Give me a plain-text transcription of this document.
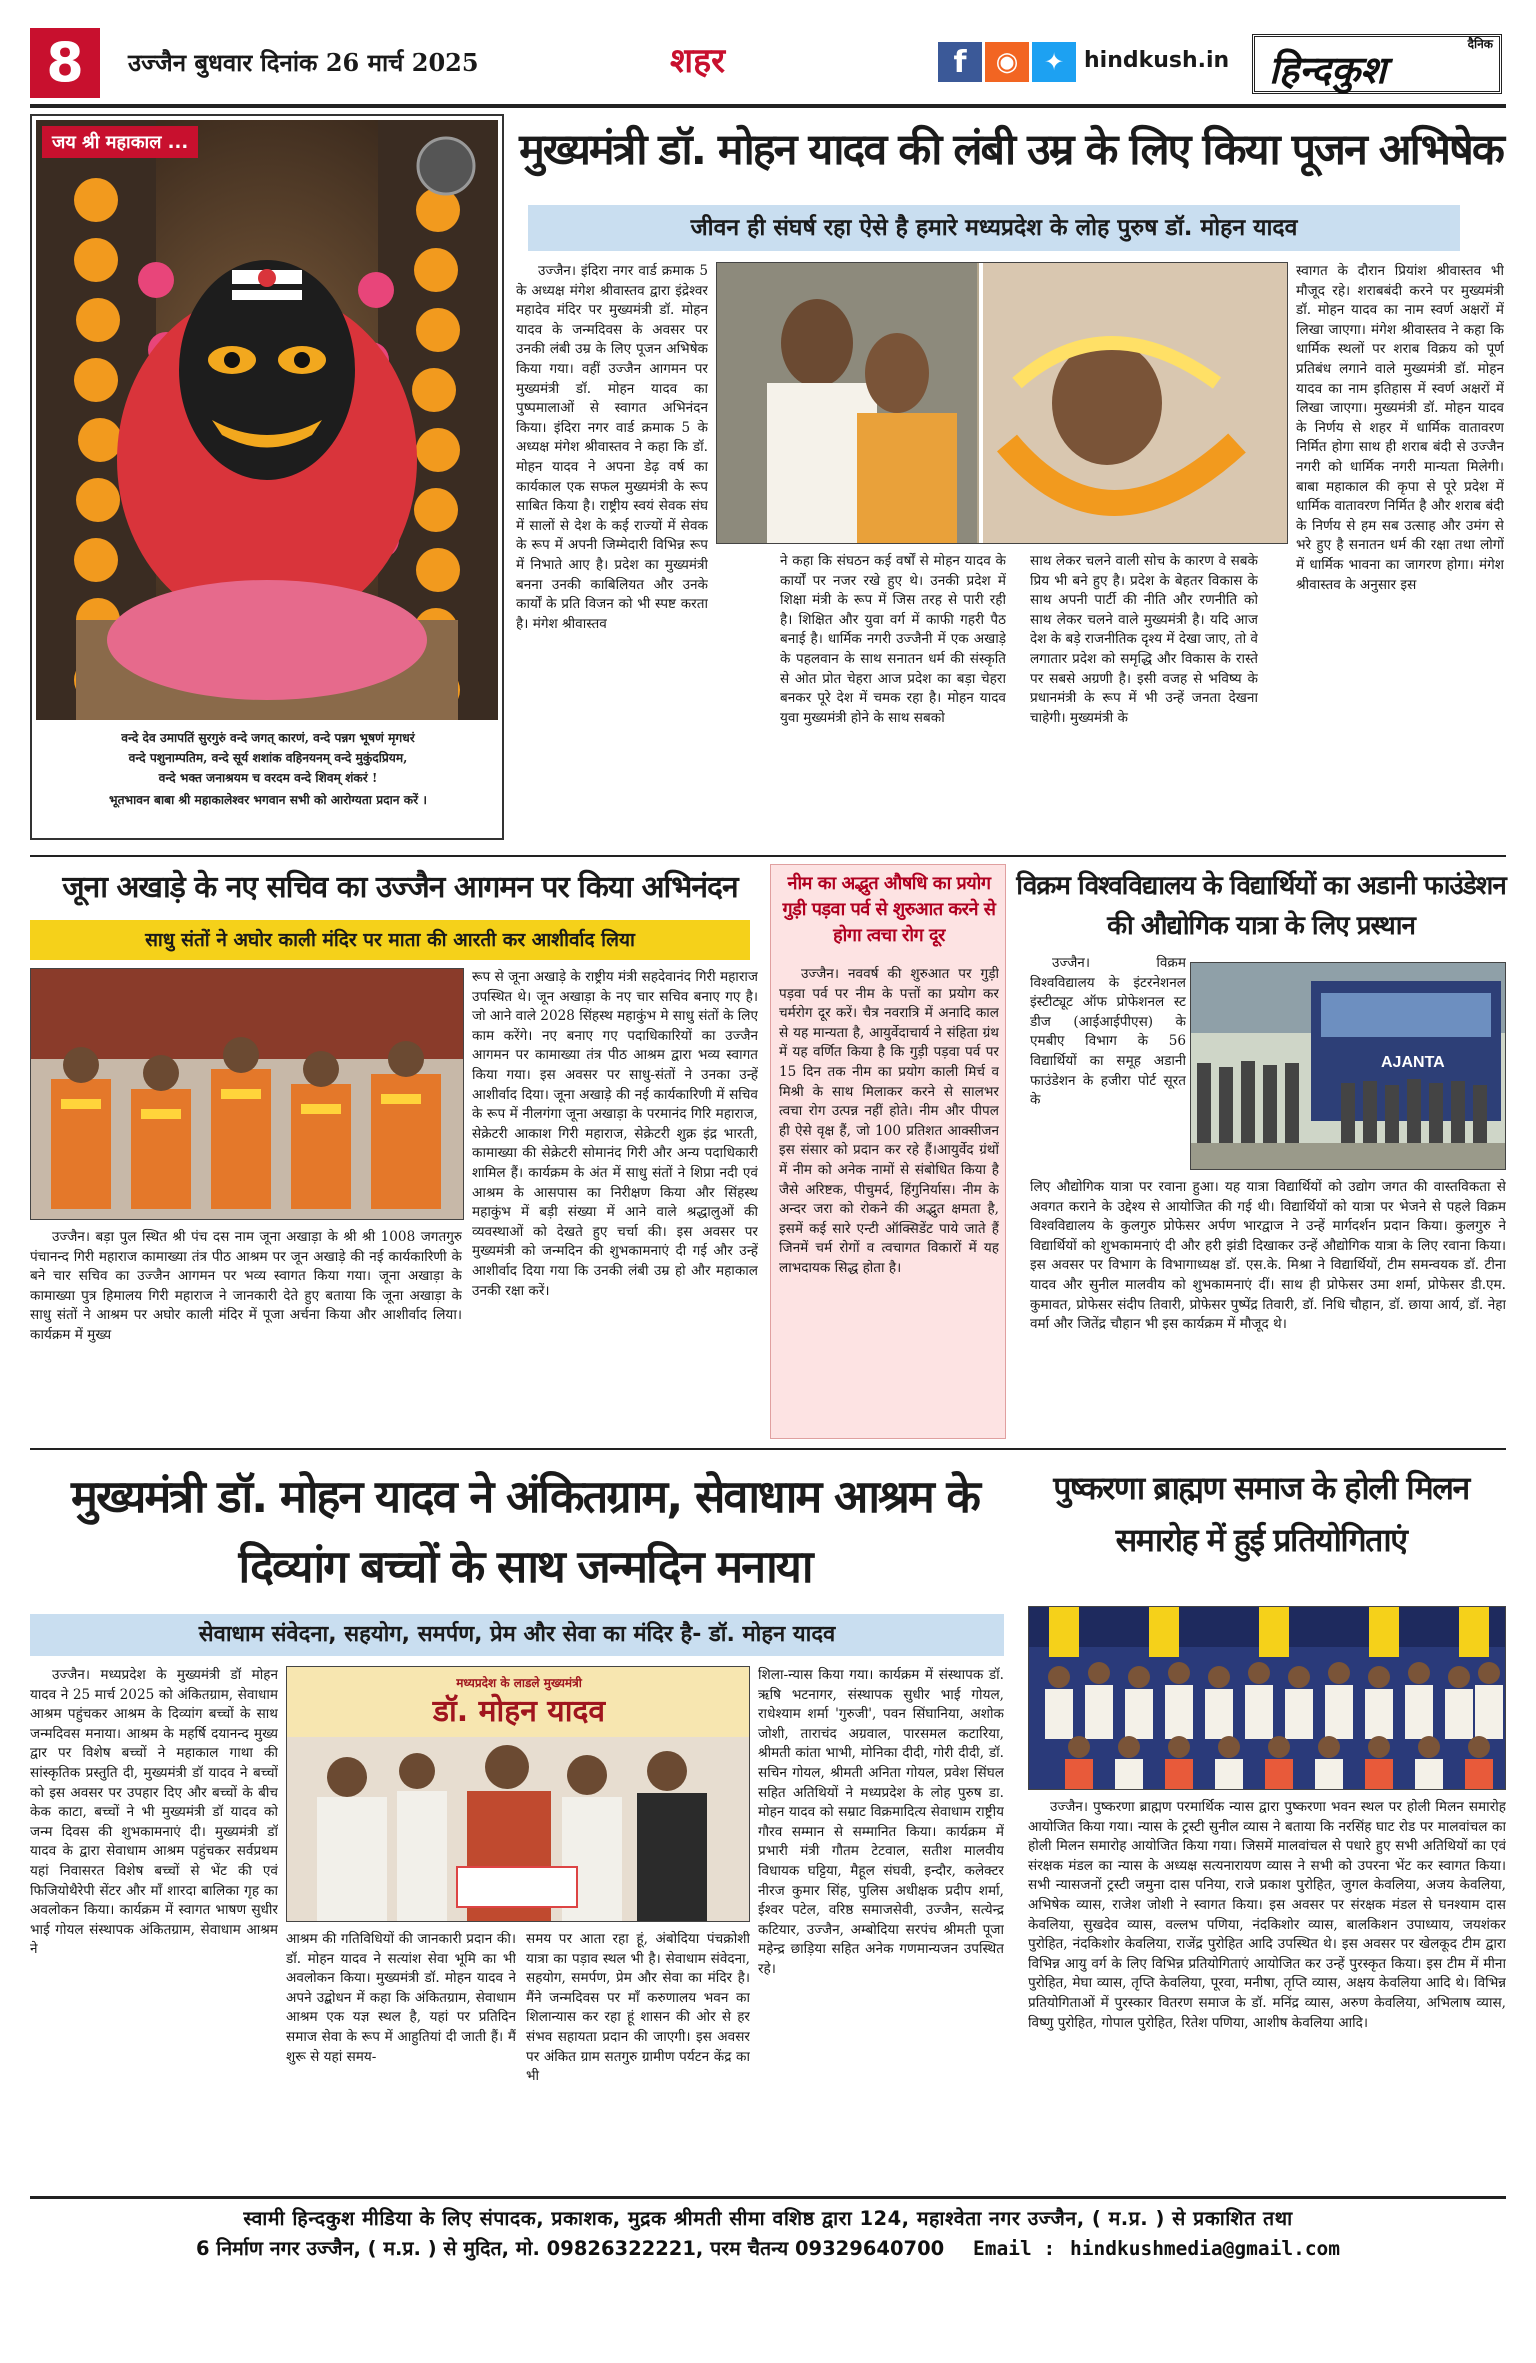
8	उज्जैन बुधवार दिनांक 26 मार्च 2025	शहर	f	◉	✦ hindkush.in
दैनिक
हिन्दकुश
जय श्री महाकाल ...
वन्दे देव उमापतिं सुरगुरुं वन्दे जगत् कारणं, वन्दे पन्नग भूषणं मृगधरं
वन्दे पशुनाम्पतिम, वन्दे सूर्य शशांक वहिनयनम् वन्दे मुकुंदप्रियम,
वन्दे भक्त जनाश्रयम च वरदम वन्दे शिवम् शंकरं !
भूतभावन बाबा श्री महाकालेश्वर भगवान सभी को आरोग्यता प्रदान करें ।
मुख्यमंत्री डॉ. मोहन यादव की लंबी उम्र के लिए किया पूजन अभिषेक
जीवन ही संघर्ष रहा ऐसे है हमारे मध्यप्रदेश के लोह पुरुष डॉ. मोहन यादव

उज्जैन। इंदिरा नगर वार्ड क्रमाक 5 के अध्यक्ष मंगेश श्रीवास्तव द्वारा इंद्रेश्वर महादेव मंदिर पर मुख्यमंत्री डॉ. मोहन यादव के जन्मदिवस के अवसर पर उनकी लंबी उम्र के लिए पूजन अभिषेक किया गया। वहीं उज्जैन आगमन पर मुख्यमंत्री डॉ. मोहन यादव का पुष्पमालाओं से स्वागत अभिनंदन किया। इंदिरा नगर वार्ड क्रमाक 5 के अध्यक्ष मंगेश श्रीवास्तव ने कहा कि डॉ. मोहन यादव ने अपना डेढ़ वर्ष का कार्यकाल एक सफल मुख्यमंत्री के रूप साबित किया है। राष्ट्रीय स्वयं सेवक संघ में सालों से देश के कई राज्यों में सेवक के रूप में अपनी जिम्मेदारी विभिन्न रूप में निभाते आए है। प्रदेश का मुख्यमंत्री बनना उनकी काबिलियत और उनके कार्यों के प्रति विजन को भी स्पष्ट करता है। मंगेश श्रीवास्तव

ने कहा कि संघठन कई वर्षों से मोहन यादव के कार्यों पर नजर रखे हुए थे। उनकी प्रदेश में शिक्षा मंत्री के रूप में जिस तरह से पारी रही है। शिक्षित और युवा वर्ग में काफी गहरी पैठ बनाई है। धार्मिक नगरी उज्जैनी में एक अखाड़े के पहलवान के साथ सनातन धर्म की संस्कृति से ओत प्रोत चेहरा आज प्रदेश का बड़ा चेहरा बनकर पूरे देश में चमक रहा है। मोहन यादव युवा मुख्यमंत्री होने के साथ सबको

साथ लेकर चलने वाली सोच के कारण वे सबके प्रिय भी बने हुए है। प्रदेश के बेहतर विकास के साथ अपनी पार्टी की नीति और रणनीति को साथ लेकर चलने वाले मुख्यमंत्री है। यदि आज देश के बड़े राजनीतिक दृश्य में देखा जाए, तो वे लगातार प्रदेश को समृद्धि और विकास के रास्ते पर सबसे अग्रणी है। इसी वजह से भविष्य के प्रधानमंत्री के रूप में भी उन्हें जनता देखना चाहेगी। मुख्यमंत्री के

स्वागत के दौरान प्रियांश श्रीवास्तव भी मौजूद रहे। शराबबंदी करने पर मुख्यमंत्री डॉ. मोहन यादव का नाम स्वर्ण अक्षरों में लिखा जाएगा। मंगेश श्रीवास्तव ने कहा कि धार्मिक स्थलों पर शराब विक्रय को पूर्ण प्रतिबंध लगाने वाले मुख्यमंत्री डॉ. मोहन यादव का नाम इतिहास में स्वर्ण अक्षरों में लिखा जाएगा। मुख्यमंत्री डॉ. मोहन यादव के निर्णय से शहर में धार्मिक वातावरण निर्मित होगा साथ ही शराब बंदी से उज्जैन नगरी को धार्मिक नगरी मान्यता मिलेगी। बाबा महाकाल की कृपा से पूरे प्रदेश में धार्मिक वातावरण निर्मित है और शराब बंदी के निर्णय से हम सब उत्साह और उमंग से भरे हुए है सनातन धर्म की रक्षा तथा लोगों में धार्मिक भावना का जागरण होगा। मंगेश श्रीवास्तव के अनुसार इस

जूना अखाड़े के नए सचिव का उज्जैन आगमन पर किया अभिनंदन
साधु संतों ने अघोर काली मंदिर पर माता की आरती कर आशीर्वाद लिया

उज्जैन। बड़ा पुल स्थित श्री पंच दस नाम जूना अखाड़ा के श्री श्री 1008 जगतगुरु पंचानन्द गिरी महाराज कामाख्या तंत्र पीठ आश्रम पर जून अखाड़े की नई कार्यकारिणी के बने चार सचिव का उज्जैन आगमन पर भव्य स्वागत किया गया। जूना अखाड़ा के कामाख्या पुत्र हिमालय गिरी महाराज ने जानकारी देते हुए बताया कि जूना अखाड़ा के साधु संतों ने आश्रम पर अघोर काली मंदिर में पूजा अर्चना किया और आशीर्वाद लिया। कार्यक्रम में मुख्य

रूप से जूना अखाड़े के राष्ट्रीय मंत्री सहदेवानंद गिरी महाराज उपस्थित थे। जून अखाड़ा के नए चार सचिव बनाए गए है। जो आने वाले 2028 सिंहस्थ महाकुंभ मे साधु संतों के लिए काम करेंगे। नए बनाए गए पदाधिकारियों का उज्जैन आगमन पर कामाख्या तंत्र पीठ आश्रम द्वारा भव्य स्वागत किया गया। इस अवसर पर साधु-संतों ने उनका उन्हें आशीर्वाद दिया। जूना अखाड़े की नई कार्यकारिणी में सचिव के रूप में नीलगंगा जूना अखाड़ा के परमानंद गिरि महाराज, सेक्रेटरी आकाश गिरी महाराज, सेक्रेटरी शुक्र इंद्र भारती, कामाख्या की सेक्रेटरी सोमानंद गिरी और अन्य पदाधिकारी शामिल हैं। कार्यक्रम के अंत में साधु संतों ने शिप्रा नदी एवं आश्रम के आसपास का निरीक्षण किया और सिंहस्थ महाकुंभ में बड़ी संख्या में आने वाले श्रद्धालुओं की व्यवस्थाओं को देखते हुए चर्चा की। इस अवसर पर मुख्यमंत्री को जन्मदिन की शुभकामनाएं दी गई और उन्हें आशीर्वाद दिया गया कि उनकी लंबी उम्र हो और महाकाल उनकी रक्षा करें।

नीम का अद्भुत औषधि का प्रयोग गुड़ी पड़वा पर्व से शुरुआत करने से होगा त्वचा रोग दूर

उज्जैन। नववर्ष की शुरुआत पर गुड़ी पड़वा पर्व पर नीम के पत्तों का प्रयोग कर चर्मरोग दूर करें। चैत्र नवरात्रि में अनादि काल से यह मान्यता है, आयुर्वेदाचार्य ने संहिता ग्रंथ में यह वर्णित किया है कि गुड़ी पड़वा पर्व पर 15 दिन तक नीम का प्रयोग काली मिर्च व मिश्री के साथ मिलाकर करने से सालभर त्वचा रोग उत्पन्न नहीं होते। नीम और पीपल ही ऐसे वृक्ष हैं, जो 100 प्रतिशत आक्सीजन इस संसार को प्रदान कर रहे हैं।आयुर्वेद ग्रंथों में नीम को अनेक नामों से संबोधित किया है जैसे अरिष्टक, पीचुमर्द, हिंगुनिर्यास। नीम के अन्दर जरा को रोकने की अद्भुत क्षमता है, इसमें कई सारे एन्टी ऑक्सिडेंट पाये जाते हैं जिनमें चर्म रोगों व त्वचागत विकारों में यह लाभदायक सिद्ध होता है।

विक्रम विश्वविद्यालय के विद्यार्थियों का अडानी फाउंडेशन की औद्योगिक यात्रा के लिए प्रस्थान

उज्जैन। विक्रम विश्वविद्यालय के इंटरनेशनल इंस्टीट्यूट ऑफ प्रोफेशनल स्ट डीज (आईआईपीएस) के एमबीए विभाग के 56 विद्यार्थियों का समूह अडानी फाउंडेशन के हजीरा पोर्ट सूरत के

AJANTA

लिए औद्योगिक यात्रा पर रवाना हुआ। यह यात्रा विद्यार्थियों को उद्योग जगत की वास्तविकता से अवगत कराने के उद्देश्य से आयोजित की गई थी। विद्यार्थियों को यात्रा पर भेजने से पहले विक्रम विश्वविद्यालय के कुलगुरु प्रोफेसर अर्पण भारद्वाज ने उन्हें मार्गदर्शन प्रदान किया। कुलगुरु ने विद्यार्थियों को शुभकामनाएं दी और हरी झंडी दिखाकर उन्हें औद्योगिक यात्रा के लिए रवाना किया। इस अवसर पर विभाग के विभागाध्यक्ष डॉ. एस.के. मिश्रा ने विद्यार्थियों, टीम समन्वयक डॉ. टीना यादव और सुनील मालवीय को शुभकामनाएं दीं। साथ ही प्रोफेसर उमा शर्मा, प्रोफेसर डी.एम. कुमावत, प्रोफेसर संदीप तिवारी, प्रोफेसर पुष्पेंद्र तिवारी, डॉ. निधि चौहान, डॉ. छाया आर्य, डॉ. नेहा वर्मा और जितेंद्र चौहान भी इस कार्यक्रम में मौजूद थे।

मुख्यमंत्री डॉ. मोहन यादव ने अंकितग्राम, सेवाधाम आश्रम के दिव्यांग बच्चों के साथ जन्मदिन मनाया
सेवाधाम संवेदना, सहयोग, समर्पण, प्रेम और सेवा का मंदिर है- डॉ. मोहन यादव

उज्जैन। मध्यप्रदेश के मुख्यमंत्री डॉ मोहन यादव ने 25 मार्च 2025 को अंकितग्राम, सेवाधाम आश्रम पहुंचकर आश्रम के दिव्यांग बच्चों के साथ जन्मदिवस मनाया। आश्रम के महर्षि दयानन्द मुख्य द्वार पर विशेष बच्चों ने महाकाल गाथा की सांस्कृतिक प्रस्तुति दी, मुख्यमंत्री डॉ यादव ने बच्चों को इस अवसर पर उपहार दिए और बच्चों के बीच केक काटा, बच्चों ने भी मुख्यमंत्री डॉ यादव को जन्म दिवस की शुभकामनाएं दी। मुख्यमंत्री डॉ यादव के द्वारा सेवाधाम आश्रम पहुंचकर सर्वप्रथम यहां निवासरत विशेष बच्चों से भेंट की एवं फिजियोथैरेपी सेंटर और माँ शारदा बालिका गृह का अवलोकन किया। कार्यक्रम में स्वागत भाषण सुधीर भाई गोयल संस्थापक अंकितग्राम, सेवाधाम आश्रम ने

मध्यप्रदेश के लाडले मुख्यमंत्री
डॉ. मोहन यादव

आश्रम की गतिविधियों की जानकारी प्रदान की। डॉ. मोहन यादव ने सत्यांश सेवा भूमि का भी अवलोकन किया। मुख्यमंत्री डॉ. मोहन यादव ने अपने उद्बोधन में कहा कि अंकितग्राम, सेवाधाम आश्रम एक यज्ञ स्थल है, यहां पर प्रतिदिन समाज सेवा के रूप में आहुतियां दी जाती हैं। मैं शुरू से यहां समय-

समय पर आता रहा हूं, अंबोदिया पंचक्रोशी यात्रा का पड़ाव स्थल भी है। सेवाधाम संवेदना, सहयोग, समर्पण, प्रेम और सेवा का मंदिर है। मैंने जन्मदिवस पर माँ करुणालय भवन का शिलान्यास कर रहा हूं शासन की ओर से हर संभव सहायता प्रदान की जाएगी। इस अवसर पर अंकित ग्राम सतगुरु ग्रामीण पर्यटन केंद्र का भी

शिला-न्यास किया गया। कार्यक्रम में संस्थापक डॉ. ऋषि भटनागर, संस्थापक सुधीर भाई गोयल, राधेश्याम शर्मा 'गुरुजी', पवन सिंघानिया, अशोक जोशी, ताराचंद अग्रवाल, पारसमल कटारिया, श्रीमती कांता भाभी, मोनिका दीदी, गोरी दीदी, डॉ. सचिन गोयल, श्रीमती अनिता गोयल, प्रवेश सिंघल सहित अतिथियों ने मध्यप्रदेश के लोह पुरुष डा. मोहन यादव को सम्राट विक्रमादित्य सेवाधाम राष्ट्रीय गौरव सम्मान से सम्मानित किया। कार्यक्रम में प्रभारी मंत्री गौतम टेटवाल, सतीश मालवीय विधायक घट्टिया, मैहूल संघवी, इन्दौर, कलेक्टर नीरज कुमार सिंह, पुलिस अधीक्षक प्रदीप शर्मा, ईश्वर पटेल, वरिष्ठ समाजसेवी, उज्जैन, सत्येन्द्र कटियार, उज्जैन, अम्बोदिया सरपंच श्रीमती पूजा महेन्द्र छाड़िया सहित अनेक गणमान्यजन उपस्थित रहे।

पुष्करणा ब्राह्मण समाज के होली मिलन समारोह में हुई प्रतियोगिताएं

उज्जैन। पुष्करणा ब्राह्मण परमार्थिक न्यास द्वारा पुष्करणा भवन स्थल पर होली मिलन समारोह आयोजित किया गया। न्यास के ट्रस्टी सुनील व्यास ने बताया कि नरसिंह घाट रोड पर मालवांचल का होली मिलन समारोह आयोजित किया गया। जिसमें मालवांचल से पधारे हुए सभी अतिथियों का एवं संरक्षक मंडल का न्यास के अध्यक्ष सत्यनारायण व्यास ने सभी को उपरना भेंट कर स्वागत किया। सभी न्यासजनों ट्रस्टी जमुना दास पनिया, राजे प्रकाश पुरोहित, जुगल केवलिया, अजय केवलिया, अभिषेक व्यास, राजेश जोशी ने स्वागत किया। इस अवसर पर संरक्षक मंडल से घनश्याम दास केवलिया, सुखदेव व्यास, वल्लभ पणिया, नंदकिशोर व्यास, बालकिशन उपाध्याय, जयशंकर पुरोहित, नंदकिशोर केवलिया, राजेंद्र पुरोहित आदि उपस्थित थे। इस अवसर पर खेलकूद टीम द्वारा विभिन्न आयु वर्ग के लिए विभिन्न प्रतियोगिताएं आयोजित कर उन्हें पुरस्कृत किया। इस टीम में मीना पुरोहित, मेघा व्यास, तृप्ति केवलिया, पूरवा, मनीषा, तृप्ति व्यास, अक्षय केवलिया आदि थे। विभिन्न प्रतियोगिताओं में पुरस्कार वितरण समाज के डॉ. मनिंद्र व्यास, अरुण केवलिया, अभिलाष व्यास, विष्णु पुरोहित, गोपाल पुरोहित, रितेश पणिया, आशीष केवलिया आदि।

स्वामी हिन्दकुश मीडिया के लिए संपादक, प्रकाशक, मुद्रक श्रीमती सीमा वशिष्ठ द्वारा 124, महाश्वेता नगर उज्जैन, ( म.प्र. ) से प्रकाशित तथा
6 निर्माण नगर उज्जैन, ( म.प्र. ) से मुदित, मो. 09826322221, परम चैतन्य 09329640700 Email : hindkushmedia@gmail.com
